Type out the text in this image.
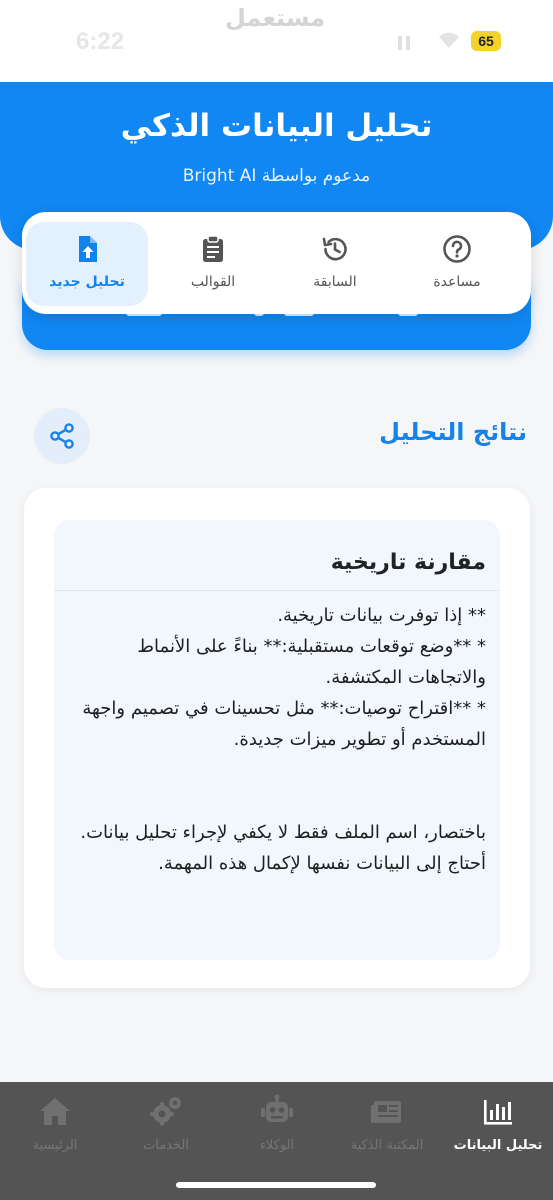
6:22
مستعمل
65
تحليل البيانات الذكي
مدعوم بواسطة Bright AI
مساعدة
السابقة
القوالب
تحليل جديد
نتائج التحليل
مقارنة تاريخية

** إذا توفرت بيانات تاريخية.

* **وضع توقعات مستقبلية:** بناءً على الأنماط والاتجاهات المكتشفة.

* **اقتراح توصيات:** مثل تحسينات في تصميم واجهة المستخدم أو تطوير ميزات جديدة.

باختصار، اسم الملف فقط لا يكفي لإجراء تحليل بيانات. أحتاج إلى البيانات نفسها لإكمال هذه المهمة.

تحليل البيانات
المكتبة الذكية
الوكلاء
الخدمات
الرئيسية
